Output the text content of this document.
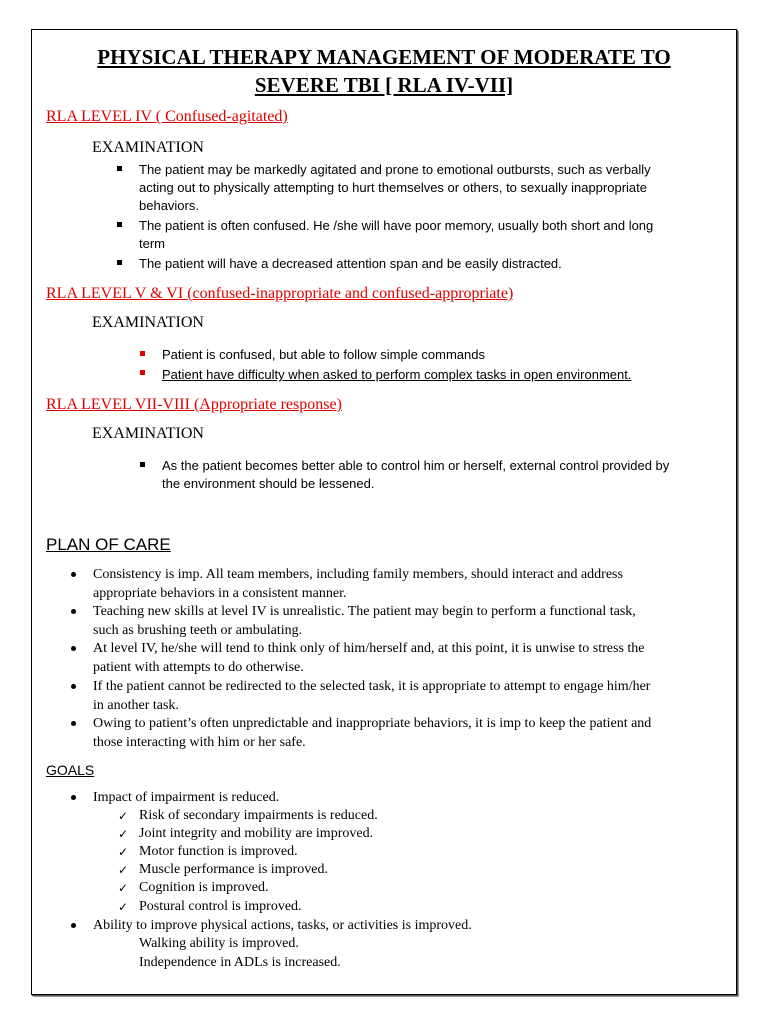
PHYSICAL THERAPY MANAGEMENT OF MODERATE TO
SEVERE TBI [ RLA IV-VII]
RLA LEVEL IV ( Confused-agitated)
EXAMINATION
The patient may be markedly agitated and prone to emotional outbursts, such as verbally
acting out to physically attempting to hurt themselves or others, to sexually inappropriate
behaviors.
The patient is often confused. He /she will have poor memory, usually both short and long
term
The patient will have a decreased attention span and be easily distracted.
RLA LEVEL V & VI (confused-inappropriate and confused-appropriate)
EXAMINATION
Patient is confused, but able to follow simple commands
Patient have difficulty when asked to perform complex tasks in open environment.
RLA LEVEL VII-VIII (Appropriate response)
EXAMINATION
As the patient becomes better able to control him or herself, external control provided by
the environment should be lessened.
PLAN OF CARE
Consistency is imp. All team members, including family members, should interact and address
appropriate behaviors in a consistent manner.
Teaching new skills at level IV is unrealistic. The patient may begin to perform a functional task,
such as brushing teeth or ambulating.
At level IV, he/she will tend to think only of him/herself and, at this point, it is unwise to stress the
patient with attempts to do otherwise.
If the patient cannot be redirected to the selected task, it is appropriate to attempt to engage him/her
in another task.
Owing to patient’s often unpredictable and inappropriate behaviors, it is imp to keep the patient and
those interacting with him or her safe.
GOALS
Impact of impairment is reduced.
✓ Risk of secondary impairments is reduced.
✓ Joint integrity and mobility are improved.
✓ Motor function is improved.
✓ Muscle performance is improved.
✓ Cognition is improved.
✓ Postural control is improved.
Ability to improve physical actions, tasks, or activities is improved.
Walking ability is improved.
Independence in ADLs is increased.
